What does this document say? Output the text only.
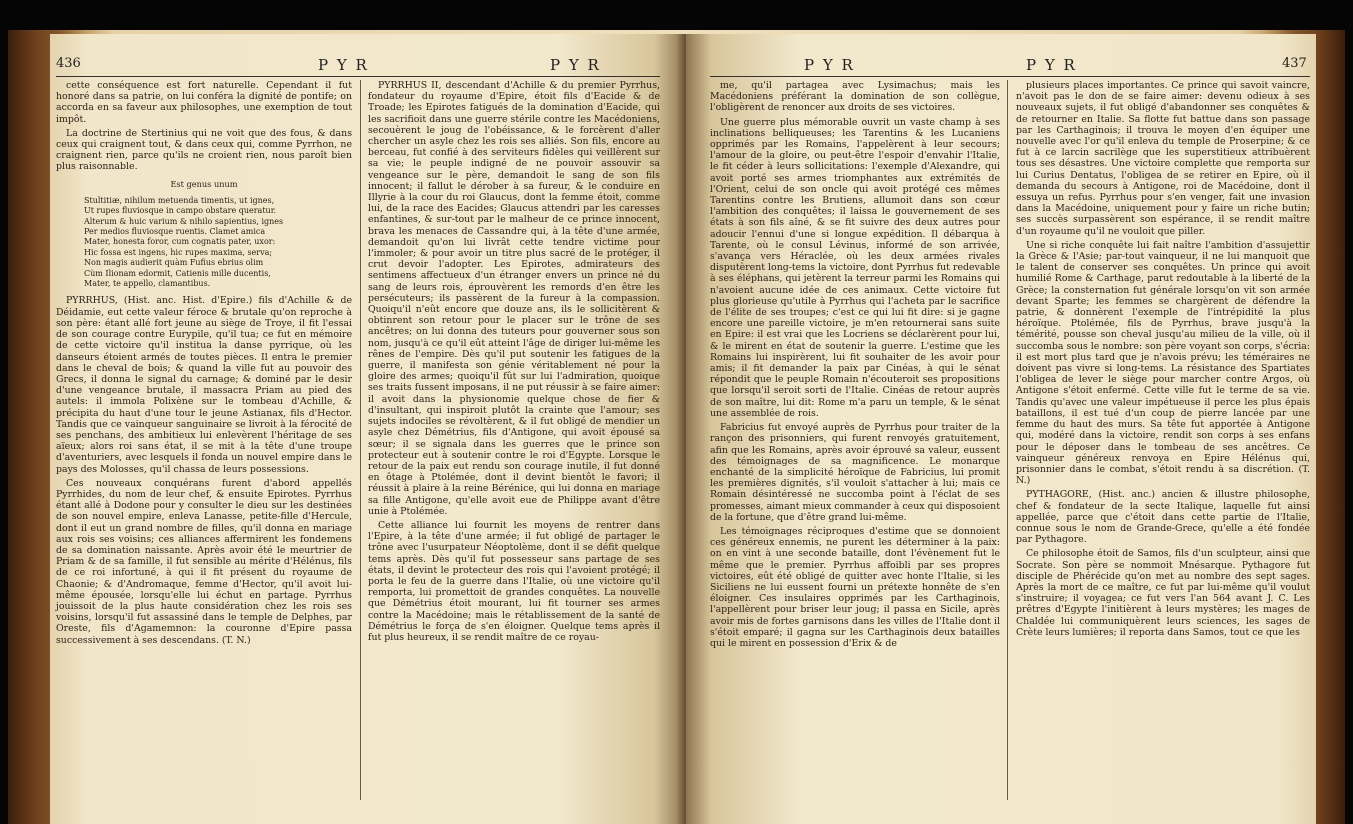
436	P Y R	P Y R

cette conséquence est fort naturelle. Cependant il fut honoré dans sa patrie, on lui conféra la dignité de pontife; on accorda en sa faveur aux philosophes, une exemption de tout impôt.

La doctrine de Stertinius qui ne voit que des fous, & dans ceux qui craignent tout, & dans ceux qui, comme Pyrrhon, ne craignent rien, parce qu'ils ne croient rien, nous paroît bien plus raisonnable.

Est genus unum
Stultitiæ, nihilum metuenda timentis, ut ignes,
Ut rupes fluviosque in campo obstare queratur.
Alterum & huic varium & nihilo sapientius, ignes
Per medios fluviosque ruentis. Clamet amica
Mater, honesta foror, cum cognatis pater, uxor:
Hic fossa est ingens, hic rupes maxima, serva;
Non magis audierit quàm Fufius ebrius olim
Cùm Ilionam edormit, Catienis mille ducentis,
Mater, te appello, clamantibus.

PYRRHUS, (Hist. anc. Hist. d'Epire.) fils d'Achille & de Déidamie, eut cette valeur féroce & brutale qu'on reproche à son père: étant allé fort jeune au siège de Troye, il fit l'essai de son courage contre Eurypile, qu'il tua; ce fut en mémoire de cette victoire qu'il institua la danse pyrrique, où les danseurs étoient armés de toutes pièces. Il entra le premier dans le cheval de bois; & quand la ville fut au pouvoir des Grecs, il donna le signal du carnage; & dominé par le desir d'une vengeance brutale, il massacra Priam au pied des autels: il immola Polixène sur le tombeau d'Achille, & précipita du haut d'une tour le jeune Astianax, fils d'Hector. Tandis que ce vainqueur sanguinaire se livroit à la férocité de ses penchans, des ambitieux lui enlevèrent l'héritage de ses aïeux; alors roi sans état, il se mit à la tête d'une troupe d'aventuriers, avec lesquels il fonda un nouvel empire dans le pays des Molosses, qu'il chassa de leurs possessions.

Ces nouveaux conquérans furent d'abord appellés Pyrrhides, du nom de leur chef, & ensuite Epirotes. Pyrrhus étant allé à Dodone pour y consulter le dieu sur les destinées de son nouvel empire, enleva Lanasse, petite-fille d'Hercule, dont il eut un grand nombre de filles, qu'il donna en mariage aux rois ses voisins; ces alliances affermirent les fondemens de sa domination naissante. Après avoir été le meurtrier de Priam & de sa famille, il fut sensible au mérite d'Hélénus, fils de ce roi infortuné, à qui il fit présent du royaume de Chaonie; & d'Andromaque, femme d'Hector, qu'il avoit lui-même épousée, lorsqu'elle lui échut en partage. Pyrrhus jouissoit de la plus haute considération chez les rois ses voisins, lorsqu'il fut assassiné dans le temple de Delphes, par Oreste, fils d'Agamemnon: la couronne d'Epire passa successivement à ses descendans. (T. N.)

PYRRHUS II, descendant d'Achille & du premier Pyrrhus, fondateur du royaume d'Epire, étoit fils d'Eacide & de Troade; les Epirotes fatigués de la domination d'Eacide, qui les sacrifioit dans une guerre stérile contre les Macédoniens, secouèrent le joug de l'obéissance, & le forcèrent d'aller chercher un asyle chez les rois ses alliés. Son fils, encore au berceau, fut confié à des serviteurs fidèles qui veillèrent sur sa vie; le peuple indigné de ne pouvoir assouvir sa vengeance sur le père, demandoit le sang de son fils innocent; il fallut le dérober à sa fureur, & le conduire en Illyrie à la cour du roi Glaucus, dont la femme étoit, comme lui, de la race des Eacides; Glaucus attendri par les caresses enfantines, & sur-tout par le malheur de ce prince innocent, brava les menaces de Cassandre qui, à la tête d'une armée, demandoit qu'on lui livrât cette tendre victime pour l'immoler; & pour avoir un titre plus sacré de le protéger, il crut devoir l'adopter. Les Epirotes, admirateurs des sentimens affectueux d'un étranger envers un prince né du sang de leurs rois, éprouvèrent les remords d'en être les persécuteurs; ils passèrent de la fureur à la compassion. Quoiqu'il n'eût encore que douze ans, ils le sollicitèrent & obtinrent son retour pour le placer sur le trône de ses ancêtres; on lui donna des tuteurs pour gouverner sous son nom, jusqu'à ce qu'il eût atteint l'âge de diriger lui-même les rênes de l'empire. Dès qu'il put soutenir les fatigues de la guerre, il manifesta son génie véritablement né pour la gloire des armes; quoiqu'il fût sur lui l'admiration, quoique ses traits fussent imposans, il ne put réussir à se faire aimer: il avoit dans la physionomie quelque chose de fier & d'insultant, qui inspiroit plutôt la crainte que l'amour; ses sujets indociles se révoltèrent, & il fut obligé de mendier un asyle chez Démétrius, fils d'Antigone, qui avoit épousé sa sœur; il se signala dans les guerres que le prince son protecteur eut à soutenir contre le roi d'Egypte. Lorsque le retour de la paix eut rendu son courage inutile, il fut donné en ôtage à Ptolémée, dont il devint bientôt le favori; il réussit à plaire à la reine Bérénice, qui lui donna en mariage sa fille Antigone, qu'elle avoit eue de Philippe avant d'être unie à Ptolémée.

Cette alliance lui fournit les moyens de rentrer dans l'Epire, à la tête d'une armée; il fut obligé de partager le trône avec l'usurpateur Néoptolème, dont il se défit quelque tems après. Dès qu'il fut possesseur sans partage de ses états, il devint le protecteur des rois qui l'avoient protégé; il porta le feu de la guerre dans l'Italie, où une victoire qu'il remporta, lui promettoit de grandes conquêtes. La nouvelle que Démétrius étoit mourant, lui fit tourner ses armes contre la Macédoine; mais le rétablissement de la santé de Démétrius le força de s'en éloigner. Quelque tems après il fut plus heureux, il se rendit maître de ce royau-

P Y R	P Y R	437

me, qu'il partagea avec Lysimachus; mais les Macédoniens préférant la domination de son collègue, l'obligèrent de renoncer aux droits de ses victoires.

Une guerre plus mémorable ouvrit un vaste champ à ses inclinations belliqueuses; les Tarentins & les Lucaniens opprimés par les Romains, l'appelèrent à leur secours; l'amour de la gloire, ou peut-être l'espoir d'envahir l'Italie, le fit céder à leurs sollicitations: l'exemple d'Alexandre, qui avoit porté ses armes triomphantes aux extrémités de l'Orient, celui de son oncle qui avoit protégé ces mêmes Tarentins contre les Brutiens, allumoit dans son cœur l'ambition des conquêtes; il laissa le gouvernement de ses états à son fils aîné, & se fit suivre des deux autres pour adoucir l'ennui d'une si longue expédition. Il débarqua à Tarente, où le consul Lévinus, informé de son arrivée, s'avança vers Héraclée, où les deux armées rivales disputèrent long-tems la victoire, dont Pyrrhus fut redevable à ses éléphans, qui jetèrent la terreur parmi les Romains qui n'avoient aucune idée de ces animaux. Cette victoire fut plus glorieuse qu'utile à Pyrrhus qui l'acheta par le sacrifice de l'élite de ses troupes; c'est ce qui lui fit dire: si je gagne encore une pareille victoire, je m'en retournerai sans suite en Epire: il est vrai que les Locriens se déclarèrent pour lui, & le mirent en état de soutenir la guerre. L'estime que les Romains lui inspirèrent, lui fit souhaiter de les avoir pour amis; il fit demander la paix par Cinéas, à qui le sénat répondit que le peuple Romain n'écouteroit ses propositions que lorsqu'il seroit sorti de l'Italie. Cinéas de retour auprès de son maître, lui dit: Rome m'a paru un temple, & le sénat une assemblée de rois.

Fabricius fut envoyé auprès de Pyrrhus pour traiter de la rançon des prisonniers, qui furent renvoyés gratuitement, afin que les Romains, après avoir éprouvé sa valeur, eussent des témoignages de sa magnificence. Le monarque enchanté de la simplicité héroïque de Fabricius, lui promit les premières dignités, s'il vouloit s'attacher à lui; mais ce Romain désintéressé ne succomba point à l'éclat de ses promesses, aimant mieux commander à ceux qui disposoient de la fortune, que d'être grand lui-même.

Les témoignages réciproques d'estime que se donnoient ces généreux ennemis, ne purent les déterminer à la paix: on en vint à une seconde bataille, dont l'évènement fut le même que le premier. Pyrrhus affoibli par ses propres victoires, eût été obligé de quitter avec honte l'Italie, si les Siciliens ne lui eussent fourni un prétexte honnête de s'en éloigner. Ces insulaires opprimés par les Carthaginois, l'appellèrent pour briser leur joug; il passa en Sicile, après avoir mis de fortes garnisons dans les villes de l'Italie dont il s'étoit emparé; il gagna sur les Carthaginois deux batailles qui le mirent en possession d'Erix & de

plusieurs places importantes. Ce prince qui savoit vaincre, n'avoit pas le don de se faire aimer: devenu odieux à ses nouveaux sujets, il fut obligé d'abandonner ses conquêtes & de retourner en Italie. Sa flotte fut battue dans son passage par les Carthaginois; il trouva le moyen d'en équiper une nouvelle avec l'or qu'il enleva du temple de Proserpine; & ce fut à ce larcin sacrilège que les superstitieux attribuèrent tous ses désastres. Une victoire complette que remporta sur lui Curius Dentatus, l'obligea de se retirer en Epire, où il demanda du secours à Antigone, roi de Macédoine, dont il essuya un refus. Pyrrhus pour s'en venger, fait une invasion dans la Macédoine, uniquement pour y faire un riche butin; ses succès surpassèrent son espérance, il se rendit maître d'un royaume qu'il ne vouloit que piller.

Une si riche conquête lui fait naître l'ambition d'assujettir la Grèce & l'Asie; par-tout vainqueur, il ne lui manquoit que le talent de conserver ses conquêtes. Un prince qui avoit humilié Rome & Carthage, parut redoutable à la liberté de la Grèce; la consternation fut générale lorsqu'on vit son armée devant Sparte; les femmes se chargèrent de défendre la patrie, & donnèrent l'exemple de l'intrépidité la plus héroïque. Ptolémée, fils de Pyrrhus, brave jusqu'à la témérité, pousse son cheval jusqu'au milieu de la ville, où il succomba sous le nombre: son père voyant son corps, s'écria: il est mort plus tard que je n'avois prévu; les téméraires ne doivent pas vivre si long-tems. La résistance des Spartiates l'obligea de lever le siège pour marcher contre Argos, où Antigone s'étoit enfermé. Cette ville fut le terme de sa vie. Tandis qu'avec une valeur impétueuse il perce les plus épais bataillons, il est tué d'un coup de pierre lancée par une femme du haut des murs. Sa tête fut apportée à Antigone qui, modéré dans la victoire, rendit son corps à ses enfans pour le déposer dans le tombeau de ses ancêtres. Ce vainqueur généreux renvoya en Epire Hélénus qui, prisonnier dans le combat, s'étoit rendu à sa discrétion. (T. N.)

PYTHAGORE, (Hist. anc.) ancien & illustre philosophe, chef & fondateur de la secte Italique, laquelle fut ainsi appellée, parce que c'étoit dans cette partie de l'Italie, connue sous le nom de Grande-Grece, qu'elle a été fondée par Pythagore.

Ce philosophe étoit de Samos, fils d'un sculpteur, ainsi que Socrate. Son père se nommoit Mnésarque. Pythagore fut disciple de Phérécide qu'on met au nombre des sept sages. Après la mort de ce maître, ce fut par lui-même qu'il voulut s'instruire; il voyagea; ce fut vers l'an 564 avant J. C. Les prêtres d'Egypte l'initièrent à leurs mystères; les mages de Chaldée lui communiquèrent leurs sciences, les sages de Crète leurs lumières; il reporta dans Samos, tout ce que les
